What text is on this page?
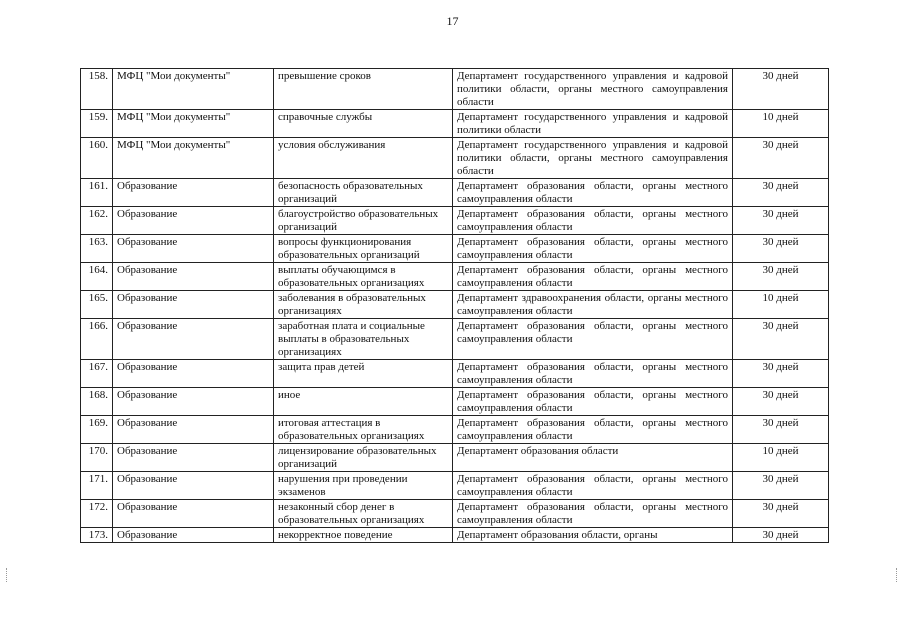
17
158.	МФЦ "Мои документы"	превышение сроков	Департамент государственного управления и кадровой политики области, органы местного самоуправления области	30 дней
159.	МФЦ "Мои документы"	справочные службы	Департамент государственного управления и кадровой политики области	10 дней
160.	МФЦ "Мои документы"	условия обслуживания	Департамент государственного управления и кадровой политики области, органы местного самоуправления области	30 дней
161.	Образование	безопасность образовательных организаций	Департамент образования области, органы местного самоуправления области	30 дней
162.	Образование	благоустройство образовательных организаций	Департамент образования области, органы местного самоуправления области	30 дней
163.	Образование	вопросы функционирования образовательных организаций	Департамент образования области, органы местного самоуправления области	30 дней
164.	Образование	выплаты обучающимся в образовательных организациях	Департамент образования области, органы местного самоуправления области	30 дней
165.	Образование	заболевания в образовательных организациях	Департамент здравоохранения области, органы местного самоуправления области	10 дней
166.	Образование	заработная плата и социальные выплаты в образовательных организациях	Департамент образования области, органы местного самоуправления области	30 дней
167.	Образование	защита прав детей	Департамент образования области, органы местного самоуправления области	30 дней
168.	Образование	иное	Департамент образования области, органы местного самоуправления области	30 дней
169.	Образование	итоговая аттестация в образовательных организациях	Департамент образования области, органы местного самоуправления области	30 дней
170.	Образование	лицензирование образовательных организаций	Департамент образования области	10 дней
171.	Образование	нарушения при проведении экзаменов	Департамент образования области, органы местного самоуправления области	30 дней
172.	Образование	незаконный сбор денег в образовательных организациях	Департамент образования области, органы местного самоуправления области	30 дней
173.	Образование	некорректное поведение	Департамент образования области, органы	30 дней
